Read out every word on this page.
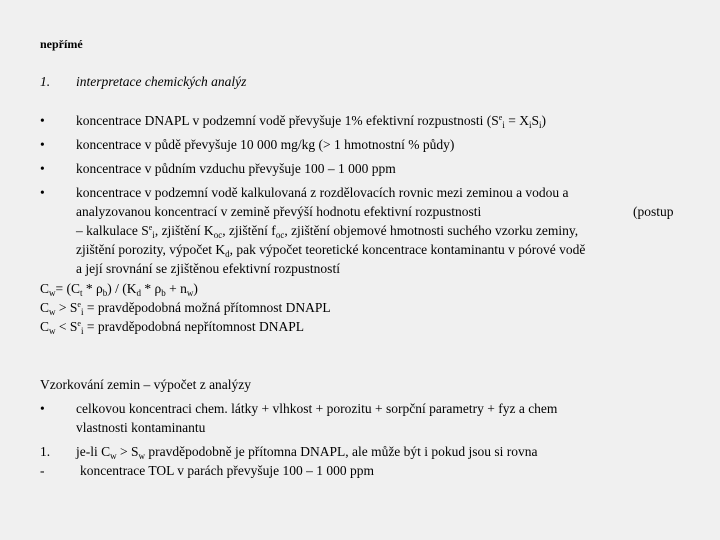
nepřímé
1. interpretace chemických analýz
• koncentrace DNAPL v podzemní vodě převyšuje 1% efektivní rozpustnosti $(S^e_i = X_iS_i)$
• koncentrace v půdě převyšuje 10 000 mg/kg (> 1 hmotnostní % půdy)
• koncentrace v půdním vzduchu převyšuje 100 – 1 000 ppm
• koncentrace v podzemní vodě kalkulovaná z rozdělovacích rovnic mezi zeminou a vodou a
analyzovanou koncentrací v zemině převýší hodnotu efektivní rozpustnosti	(postup
– kalkulace $S^e_i$, zjištění $K_{oc}$, zjištění $f_{oc}$, zjištění objemové hmotnosti suchého vzorku zeminy,
zjištění porozity, výpočet $K_d$, pak výpočet teoretické koncentrace kontaminantu v pórové vodě
a její srovnání se zjištěnou efektivní rozpustností
$C_w= (C_t * \rho_b) / (K_d * \rho_b + n_w)$
$C_w > S^e_i$ = pravděpodobná možná přítomnost DNAPL
$C_w < S^e_i$ = pravděpodobná nepřítomnost DNAPL
Vzorkování zemin – výpočet z analýzy
• celkovou koncentraci chem. látky + vlhkost + porozitu + sorpční parametry + fyz a chem
vlastnosti kontaminantu
1. je-li $C_w > S_w$ pravděpodobně je přítomna DNAPL, ale může být i pokud jsou si rovna
-	koncentrace TOL v parách převyšuje 100 – 1 000 ppm
